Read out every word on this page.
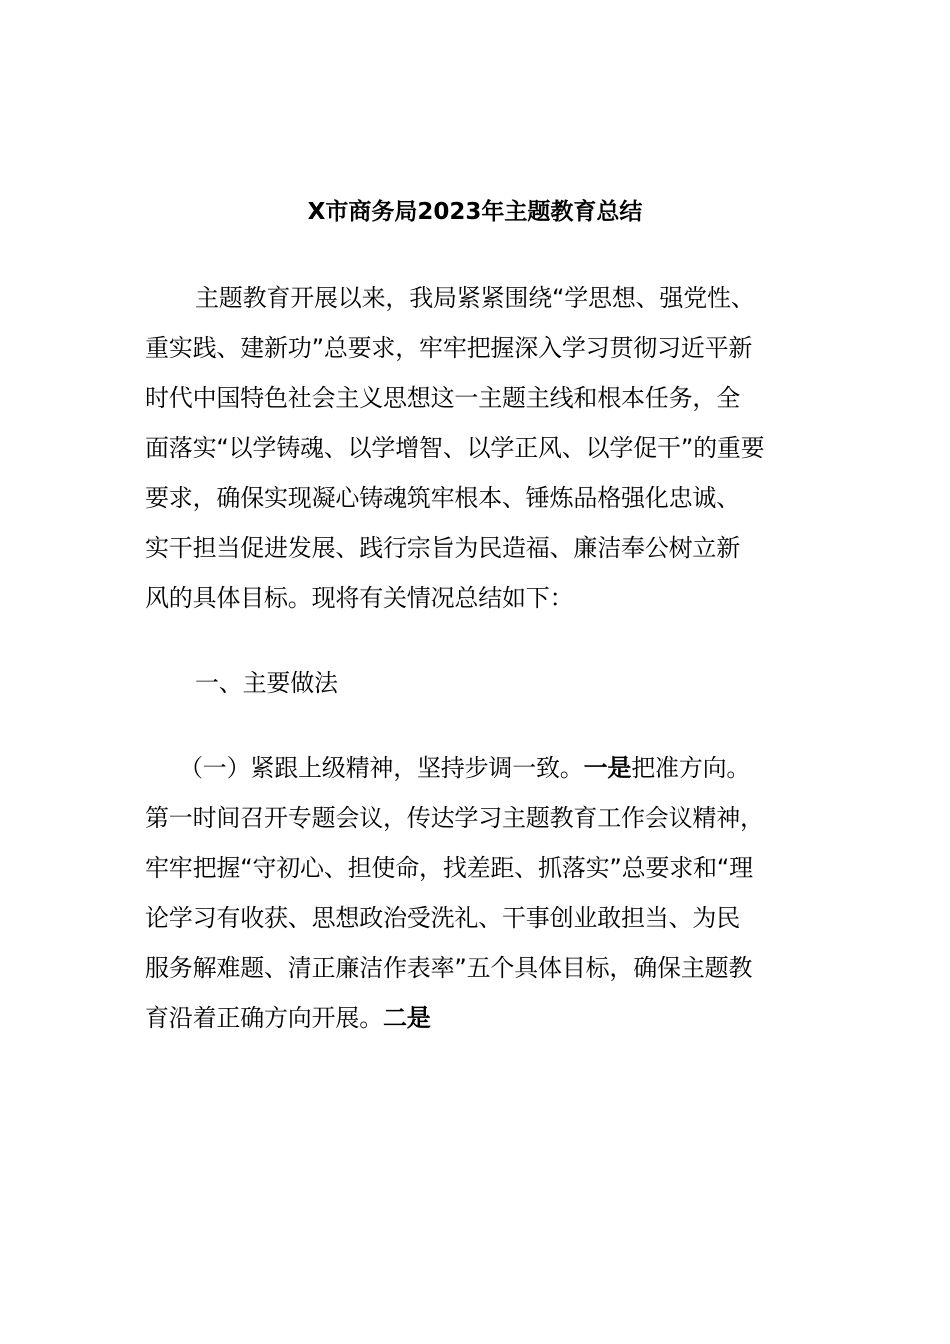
X市商务局2023年主题教育总结
主题教育开展以来，我局紧紧围绕“学思想、强党性、
重实践、建新功”总要求，牢牢把握深入学习贯彻习近平新
时代中国特色社会主义思想这一主题主线和根本任务，全
面落实“以学铸魂、以学增智、以学正风、以学促干”的重要
要求，确保实现凝心铸魂筑牢根本、锤炼品格强化忠诚、
实干担当促进发展、践行宗旨为民造福、廉洁奉公树立新
风的具体目标。现将有关情况总结如下：
一、主要做法
（一）紧跟上级精神，坚持步调一致。一是把准方向。
第一时间召开专题会议，传达学习主题教育工作会议精神，
牢牢把握“守初心、担使命，找差距、抓落实”总要求和“理
论学习有收获、思想政治受洗礼、干事创业敢担当、为民
服务解难题、清正廉洁作表率”五个具体目标，确保主题教
育沿着正确方向开展。二是
